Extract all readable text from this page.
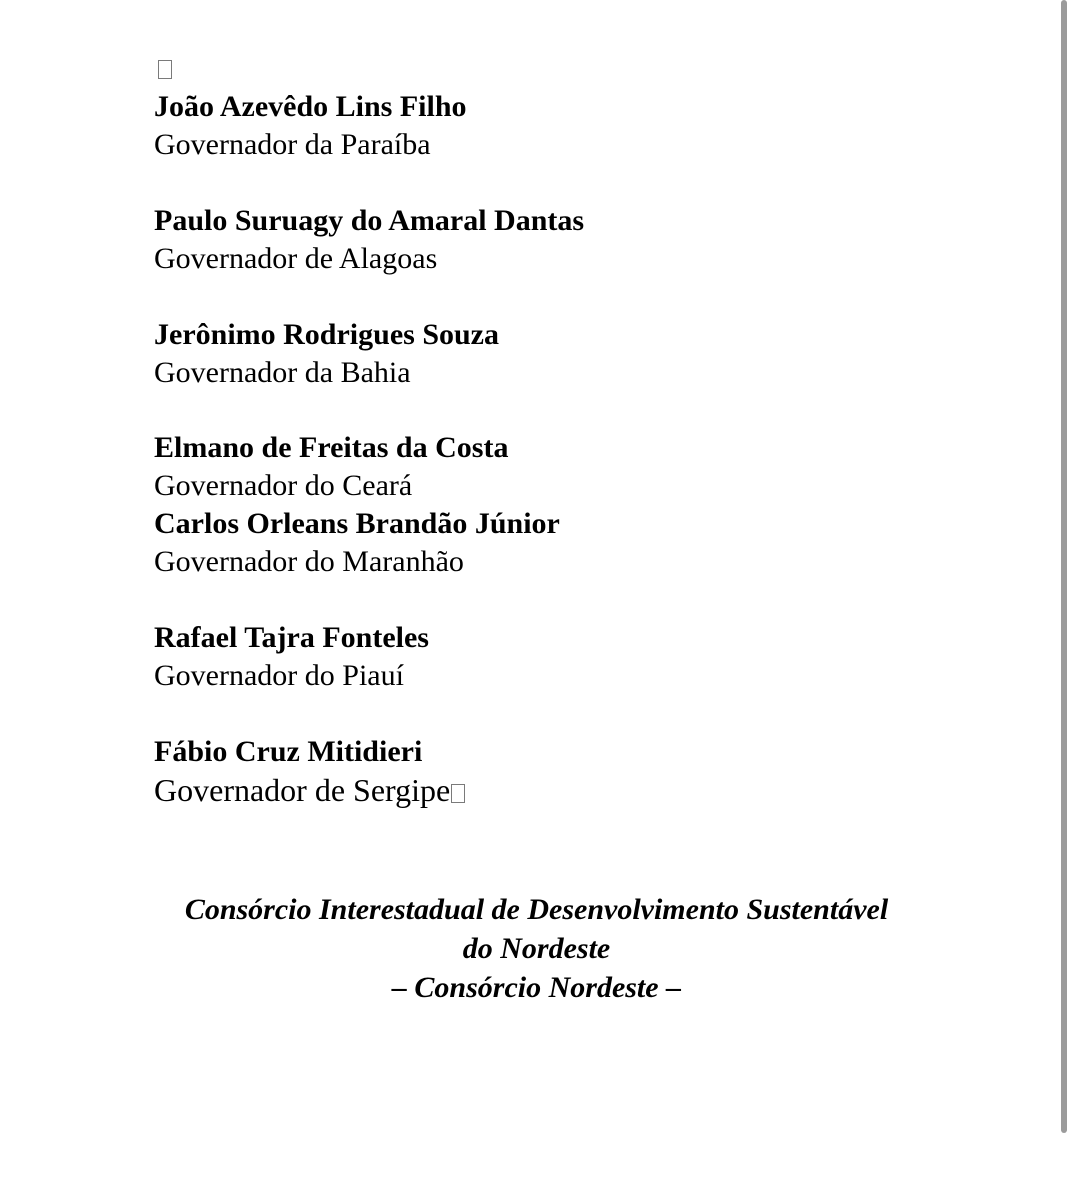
João Azevêdo Lins Filho
Governador da Paraíba
Paulo Suruagy do Amaral Dantas
Governador de Alagoas
Jerônimo Rodrigues Souza
Governador da Bahia
Elmano de Freitas da Costa
Governador do Ceará
Carlos Orleans Brandão Júnior
Governador do Maranhão
Rafael Tajra Fonteles
Governador do Piauí
Fábio Cruz Mitidieri
Governador de Sergipe
Consórcio Interestadual de Desenvolvimento Sustentável
do Nordeste
– Consórcio Nordeste –
